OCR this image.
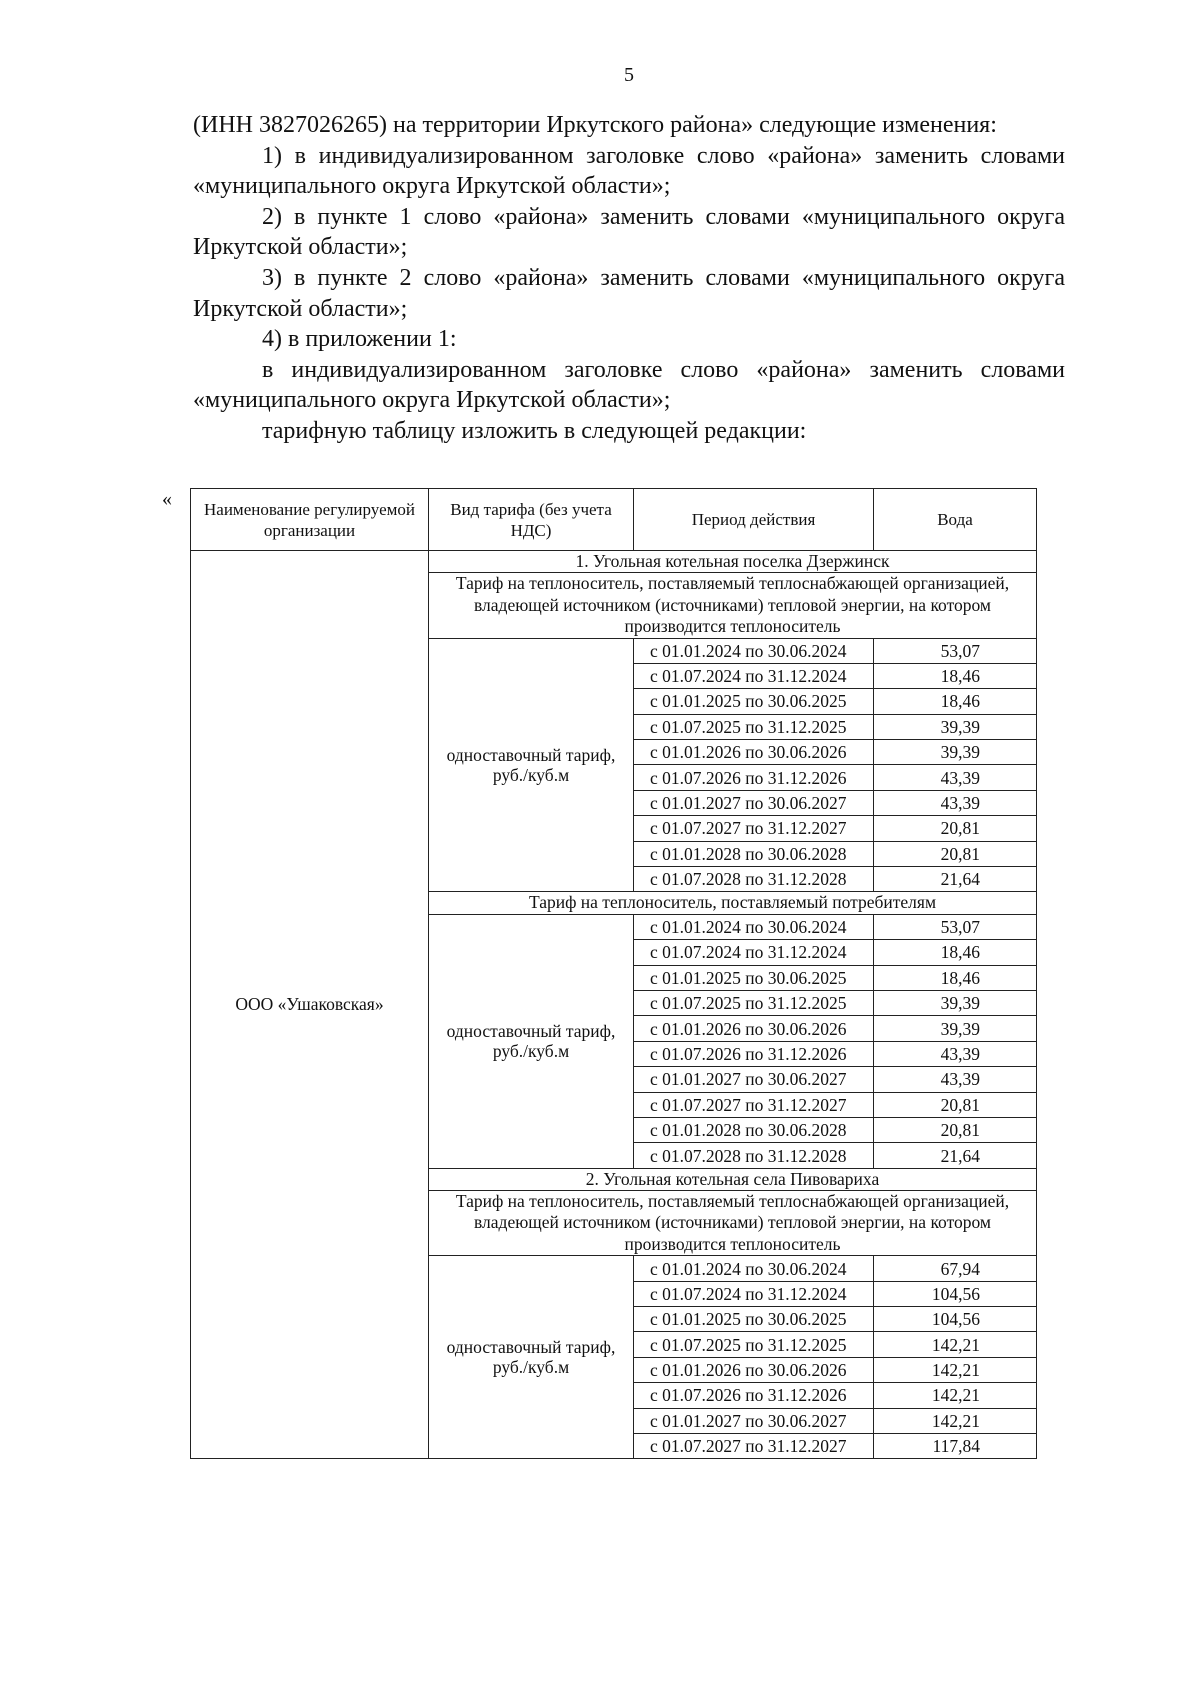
5

(ИНН 3827026265) на территории Иркутского района» следующие изменения:

1) в индивидуализированном заголовке слово «района» заменить словами «муниципального округа Иркутской области»;

2) в пункте 1 слово «района» заменить словами «муниципального округа Иркутской области»;

3) в пункте 2 слово «района» заменить словами «муниципального округа Иркутской области»;

4) в приложении 1:

в индивидуализированном заголовке слово «района» заменить словами «муниципального округа Иркутской области»;

тарифную таблицу изложить в следующей редакции:

« Наименование регулируемой организации	Вид тарифа (без учета НДС)	Период действия	Вода
ООО «Ушаковская»	1. Угольная котельная поселка Дзержинск		
	Тариф на теплоноситель, поставляемый теплоснабжающей организацией, владеющей источником (источниками) тепловой энергии, на котором производится теплоноситель		
	одноставочный тариф, руб./куб.м	с 01.01.2024 по 30.06.2024	53,07
		с 01.07.2024 по 31.12.2024	18,46
		с 01.01.2025 по 30.06.2025	18,46
		с 01.07.2025 по 31.12.2025	39,39
		с 01.01.2026 по 30.06.2026	39,39
		с 01.07.2026 по 31.12.2026	43,39
		с 01.01.2027 по 30.06.2027	43,39
		с 01.07.2027 по 31.12.2027	20,81
		с 01.01.2028 по 30.06.2028	20,81
		с 01.07.2028 по 31.12.2028	21,64
	Тариф на теплоноситель, поставляемый потребителям		
	одноставочный тариф, руб./куб.м	с 01.01.2024 по 30.06.2024	53,07
		с 01.07.2024 по 31.12.2024	18,46
		с 01.01.2025 по 30.06.2025	18,46
		с 01.07.2025 по 31.12.2025	39,39
		с 01.01.2026 по 30.06.2026	39,39
		с 01.07.2026 по 31.12.2026	43,39
		с 01.01.2027 по 30.06.2027	43,39
		с 01.07.2027 по 31.12.2027	20,81
		с 01.01.2028 по 30.06.2028	20,81
		с 01.07.2028 по 31.12.2028	21,64
	2. Угольная котельная села Пивовариха		
	Тариф на теплоноситель, поставляемый теплоснабжающей организацией, владеющей источником (источниками) тепловой энергии, на котором производится теплоноситель		
	одноставочный тариф, руб./куб.м	с 01.01.2024 по 30.06.2024	67,94
		с 01.07.2024 по 31.12.2024	104,56
		с 01.01.2025 по 30.06.2025	104,56
		с 01.07.2025 по 31.12.2025	142,21
		с 01.01.2026 по 30.06.2026	142,21
		с 01.07.2026 по 31.12.2026	142,21
		с 01.01.2027 по 30.06.2027	142,21
		с 01.07.2027 по 31.12.2027	117,84
